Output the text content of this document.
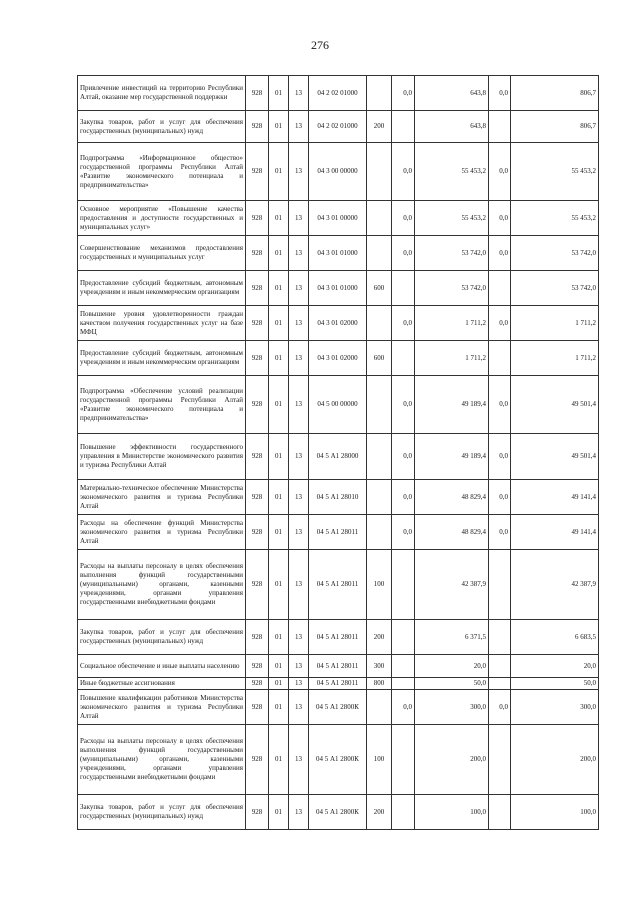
276
Привлечение инвестиций на территорию Республики Алтай, оказание мер государственной поддержки	928	01	13	04 2 02 01000		0,0	643,8	0,0	806,7
Закупка товаров, работ и услуг для обеспечения государственных (муниципальных) нужд	928	01	13	04 2 02 01000	200		643,8		806,7
Подпрограмма «Информационное общество» государственной программы Республики Алтай «Развитие экономического потенциала и предпринимательства»	928	01	13	04 3 00 00000		0,0	55 453,2	0,0	55 453,2
Основное мероприятие «Повышение качества предоставления и доступности государственных и муниципальных услуг»	928	01	13	04 3 01 00000		0,0	55 453,2	0,0	55 453,2
Совершенствование механизмов предоставления государственных и муниципальных услуг	928	01	13	04 3 01 01000		0,0	53 742,0	0,0	53 742,0
Предоставление субсидий бюджетным, автономным учреждениям и иным некоммерческим организациям	928	01	13	04 3 01 01000	600		53 742,0		53 742,0
Повышение уровня удовлетворенности граждан качеством получения государственных услуг на базе МФЦ	928	01	13	04 3 01 02000		0,0	1 711,2	0,0	1 711,2
Предоставление субсидий бюджетным, автономным учреждениям и иным некоммерческим организациям	928	01	13	04 3 01 02000	600		1 711,2		1 711,2
Подпрограмма «Обеспечение условий реализации государственной программы Республики Алтай «Развитие экономического потенциала и предпринимательства»	928	01	13	04 5 00 00000		0,0	49 189,4	0,0	49 501,4
Повышение эффективности государственного управления в Министерстве экономического развития и туризма Республики Алтай	928	01	13	04 5 А1 28000		0,0	49 189,4	0,0	49 501,4
Материально-техническое обеспечение Министерства экономического развития и туризма Республики Алтай	928	01	13	04 5 А1 28010		0,0	48 829,4	0,0	49 141,4
Расходы на обеспечение функций Министерства экономического развития и туризма Республики Алтай	928	01	13	04 5 А1 28011		0,0	48 829,4	0,0	49 141,4
Расходы на выплаты персоналу в целях обеспечения выполнения функций государственными (муниципальными) органами, казенными учреждениями, органами управления государственными внебюджетными фондами	928	01	13	04 5 А1 28011	100		42 387,9		42 387,9
Закупка товаров, работ и услуг для обеспечения государственных (муниципальных) нужд	928	01	13	04 5 А1 28011	200		6 371,5		6 683,5
Социальное обеспечение и иные выплаты населению	928	01	13	04 5 А1 28011	300		20,0		20,0
Иные бюджетные ассигнования	928	01	13	04 5 А1 28011	800		50,0		50,0
Повышение квалификации работников Министерства экономического развития и туризма Республики Алтай	928	01	13	04 5 А1 2800К		0,0	300,0	0,0	300,0
Расходы на выплаты персоналу в целях обеспечения выполнения функций государственными (муниципальными) органами, казенными учреждениями, органами управления государственными внебюджетными фондами	928	01	13	04 5 А1 2800К	100		200,0		200,0
Закупка товаров, работ и услуг для обеспечения государственных (муниципальных) нужд	928	01	13	04 5 А1 2800К	200		100,0		100,0
